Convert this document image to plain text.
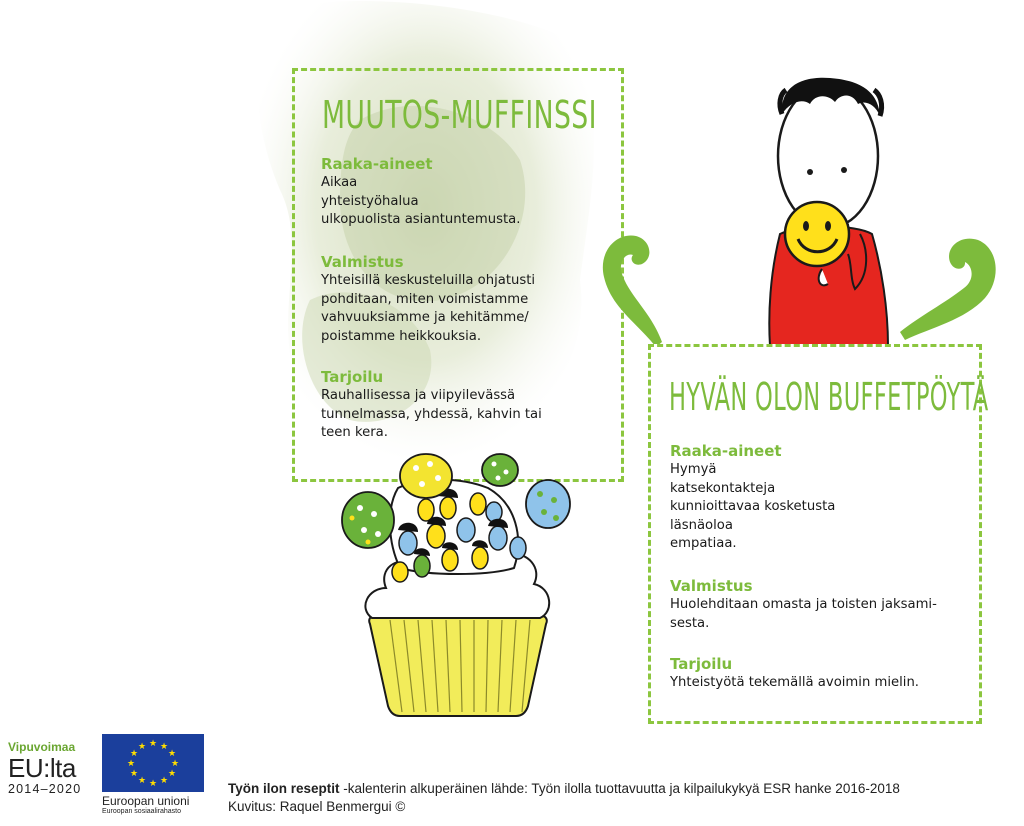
MUUTOS-MUFFINSSI
Raaka-aineet
Aikaa
yhteistyöhalua
ulkopuolista asiantuntemusta.
Valmistus
Yhteisillä keskusteluilla ohjatusti
pohditaan, miten voimistamme
vahvuuksiamme ja kehitämme/
poistamme heikkouksia.
Tarjoilu
Rauhallisessa ja viipyilevässä
tunnelmassa, yhdessä, kahvin tai
teen kera.
HYVÄN OLON BUFFETPÖYTÄ
Raaka-aineet
Hymyä
katsekontakteja
kunnioittavaa kosketusta
läsnäoloa
empatiaa.
Valmistus
Huolehditaan omasta ja toisten jaksami-
sesta.
Tarjoilu
Yhteistyötä tekemällä avoimin mielin.
Vipuvoimaa
EU:lta
2014–2020
★ ★
★
★
★
★
★
★
★
★
★
★
Euroopan unioni
Euroopan sosiaalirahasto
Työn ilon reseptit -kalenterin alkuperäinen lähde: Työn ilolla tuottavuutta ja kilpailukykyä ESR hanke 2016-2018
Kuvitus: Raquel Benmergui ©
